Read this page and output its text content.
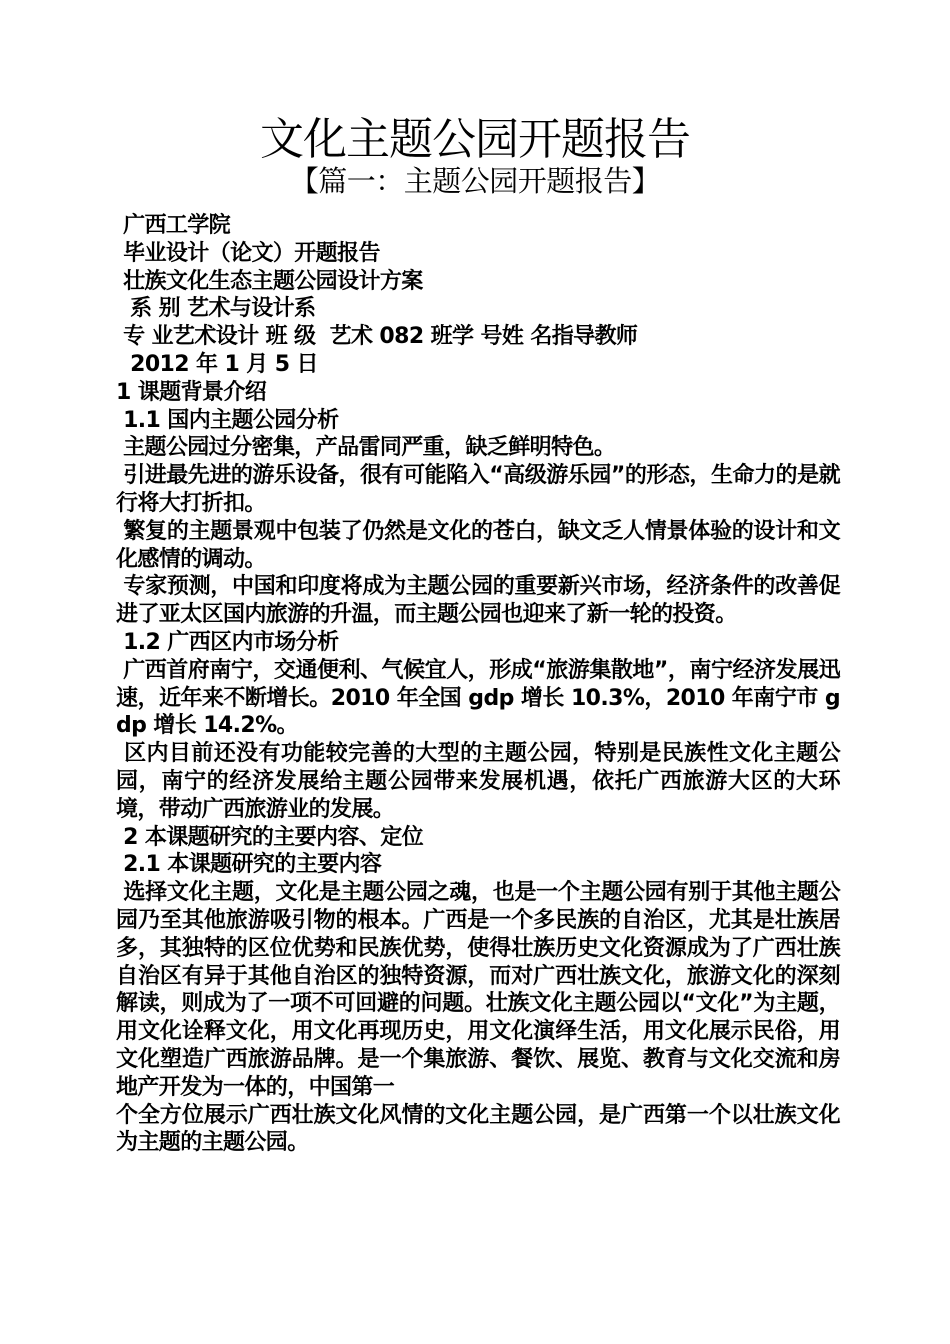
文化主题公园开题报告
【篇一：主题公园开题报告】

广西工学院

毕业设计（论文）开题报告

壮族文化生态主题公园设计方案

系 别 艺术与设计系

专 业艺术设计 班 级  艺术 082 班学 号姓 名指导教师

2012 年 1 月 5 日

1 课题背景介绍

1.1 国内主题公园分析

主题公园过分密集，产品雷同严重，缺乏鲜明特色。

引进最先进的游乐设备，很有可能陷入“高级游乐园”的形态，生命力的是就行将大打折扣。

繁复的主题景观中包装了仍然是文化的苍白，缺文乏人情景体验的设计和文化感情的调动。

专家预测，中国和印度将成为主题公园的重要新兴市场，经济条件的改善促进了亚太区国内旅游的升温，而主题公园也迎来了新一轮的投资。

1.2 广西区内市场分析

广西首府南宁，交通便利、气候宜人，形成“旅游集散地”，南宁经济发展迅速，近年来不断增长。2010 年全国 gdp 增长 10.3%，2010 年南宁市 gdp 增长 14.2%。

区内目前还没有功能较完善的大型的主题公园，特别是民族性文化主题公园，南宁的经济发展给主题公园带来发展机遇，依托广西旅游大区的大环境，带动广西旅游业的发展。

2 本课题研究的主要内容、定位

2.1 本课题研究的主要内容

选择文化主题，文化是主题公园之魂，也是一个主题公园有别于其他主题公园乃至其他旅游吸引物的根本。广西是一个多民族的自治区，尤其是壮族居多，其独特的区位优势和民族优势，使得壮族历史文化资源成为了广西壮族自治区有异于其他自治区的独特资源，而对广西壮族文化，旅游文化的深刻解读，则成为了一项不可回避的问题。壮族文化主题公园以“文化”为主题，用文化诠释文化，用文化再现历史，用文化演绎生活，用文化展示民俗，用文化塑造广西旅游品牌。是一个集旅游、餐饮、展览、教育与文化交流和房地产开发为一体的，中国第一

个全方位展示广西壮族文化风情的文化主题公园，是广西第一个以壮族文化为主题的主题公园。
